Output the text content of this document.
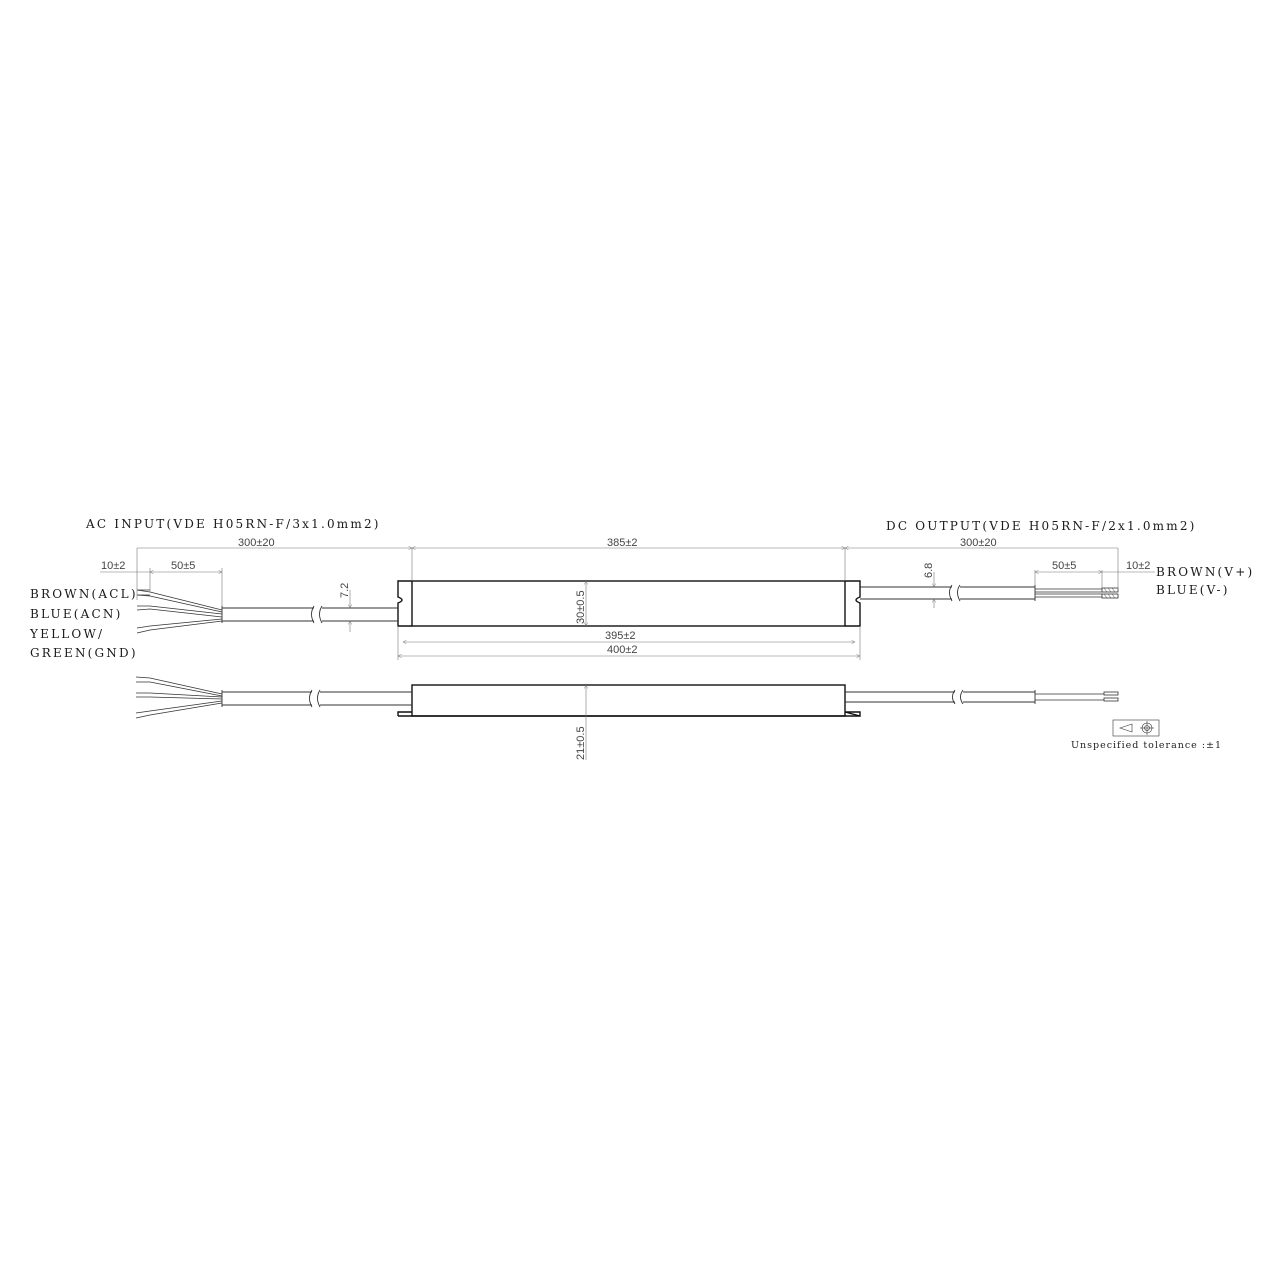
AC INPUT(VDE H05RN-F/3x1.0mm2)	DC OUTPUT(VDE H05RN-F/2x1.0mm2)
BROWN(ACL)
BLUE(ACN)
YELLOW/
GREEN(GND)
BROWN(V+)
BLUE(V-)
10±2	50±5
300±20	385±2	300±20
50±5	10±2
7.2
6.8
30±0.5
395±2
400±2
21±0.5	Unspecified tolerance :±1
